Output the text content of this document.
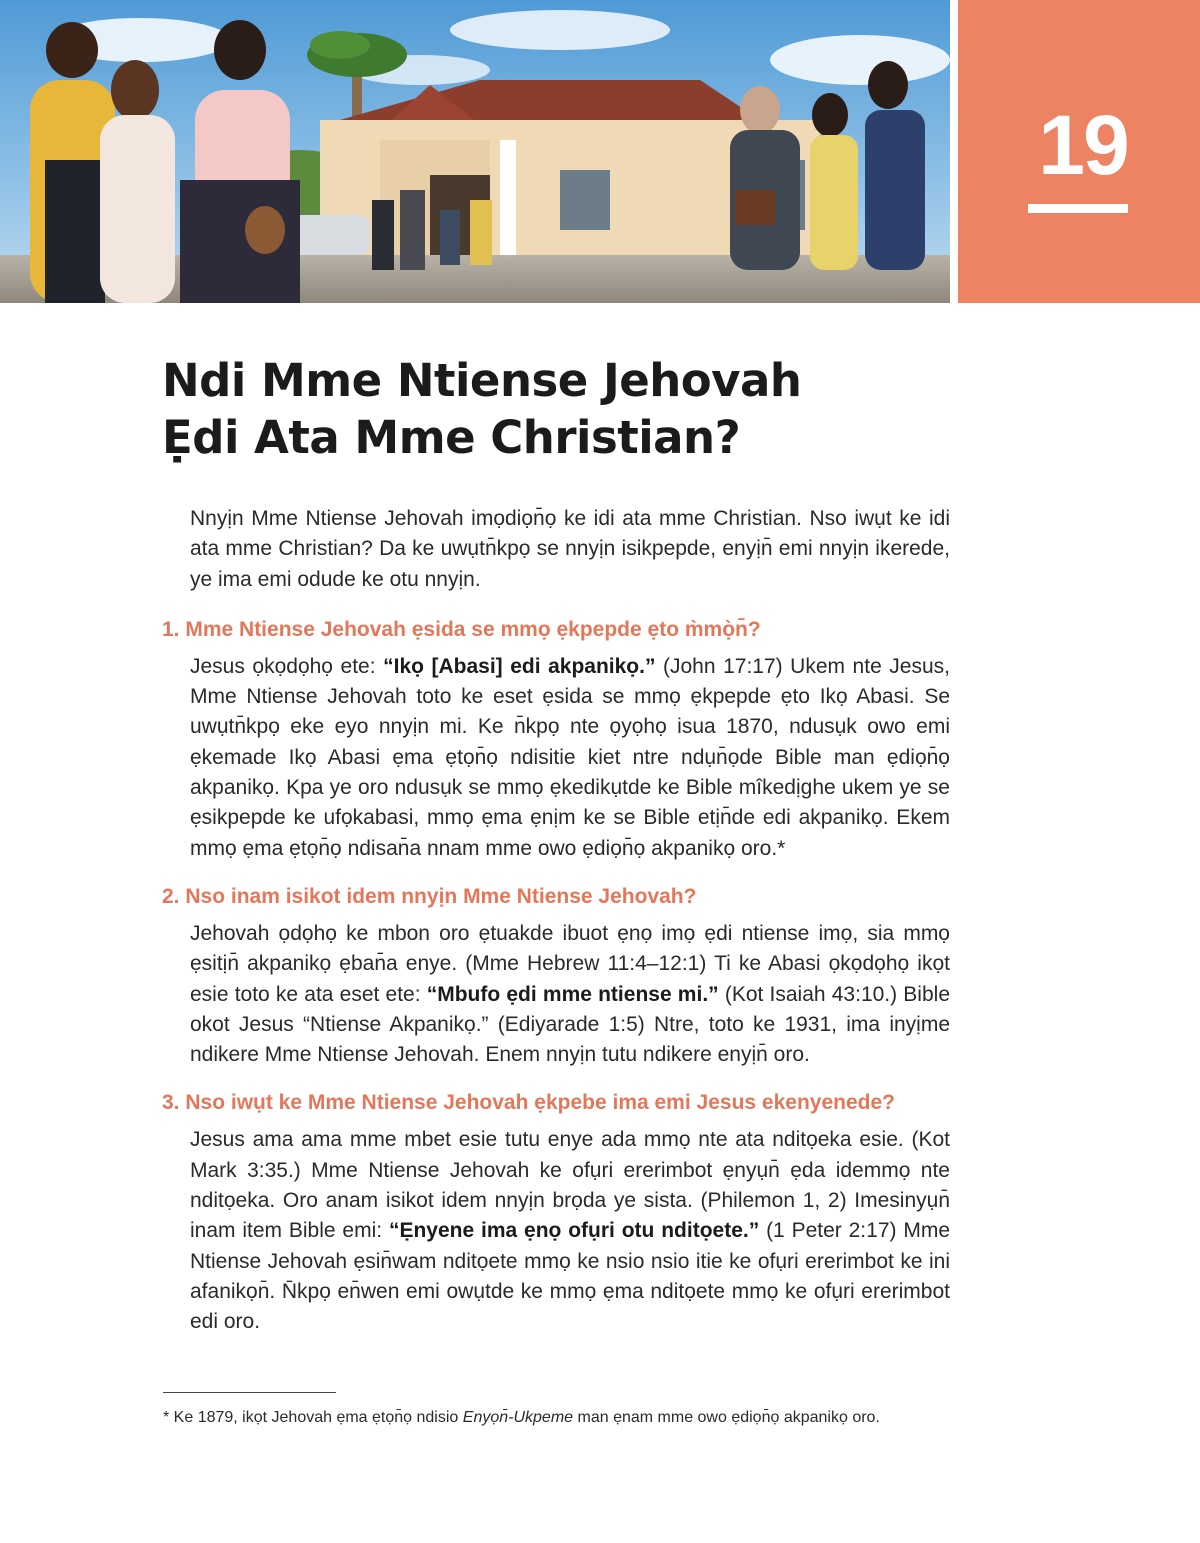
19
Ndi Mme Ntiense Jehovah
Ẹdi Ata Mme Christian?

Nnyịn Mme Ntiense Jehovah imọdiọn̄ọ ke idi ata mme Christian. Nso iwụt ke idi ata mme Christian? Da ke uwụtn̄kpọ se nnyịn isikpepde, enyịn̄ emi nnyịn ikerede, ye ima emi odude ke otu nnyịn.

1. Mme Ntiense Jehovah ẹsida se mmọ ẹkpepde ẹto m̀mọ̀n̄?

Jesus ọkọdọhọ ete: “Ikọ [Abasi] edi akpanikọ.” (John 17:17) Ukem nte Jesus, Mme Ntiense Jehovah toto ke eset ẹsida se mmọ ẹkpepde ẹto Ikọ Abasi. Se uwụtn̄kpọ eke eyo nnyịn mi. Ke n̄kpọ nte ọyọhọ isua 1870, ndusụk owo emi ẹkemade Ikọ Abasi ẹma ẹtọn̄ọ ndisitie kiet ntre ndụn̄ọde Bible man ẹdiọn̄ọ akpanikọ. Kpa ye oro ndusụk se mmọ ẹkedikụtde ke Bible mîkedịghe ukem ye se ẹsikpepde ke ufọkabasi, mmọ ẹma ẹnịm ke se Bible etịn̄de edi akpanikọ. Ekem mmọ ẹma ẹtọn̄ọ ndisan̄a nnam mme owo ẹdiọn̄ọ akpanikọ oro.*

2. Nso inam isikot idem nnyịn Mme Ntiense Jehovah?

Jehovah ọdọhọ ke mbon oro ẹtuakde ibuot ẹnọ imọ ẹdi ntiense imọ, sia mmọ ẹsitịn̄ akpanikọ ẹban̄a enye. (Mme Hebrew 11:4–12:1) Ti ke Abasi ọkọdọhọ ikọt esie toto ke ata eset ete: “Mbufo ẹdi mme ntiense mi.” (Kot Isaiah 43:10.) Bible okot Jesus “Ntiense Akpanikọ.” (Ediyarade 1:5) Ntre, toto ke 1931, ima inyịme ndikere Mme Ntiense Jehovah. Enem nnyịn tutu ndikere enyịn̄ oro.

3. Nso iwụt ke Mme Ntiense Jehovah ẹkpebe ima emi Jesus ekenyenede?

Jesus ama ama mme mbet esie tutu enye ada mmọ nte ata nditọeka esie. (Kot Mark 3:35.) Mme Ntiense Jehovah ke ofụri ererimbot ẹnyụn̄ ẹda idemmọ nte nditọeka. Oro anam isikot idem nnyịn brọda ye sista. (Philemon 1, 2) Imesinyụn̄ inam item Bible emi: “Ẹnyene ima ẹnọ ofụri otu nditọete.” (1 Peter 2:17) Mme Ntiense Jehovah ẹsin̄wam nditọete mmọ ke nsio nsio itie ke ofụri ererimbot ke ini afanikọn̄. N̄kpọ en̄wen emi owụtde ke mmọ ẹma nditọete mmọ ke ofụri ererimbot edi oro.

* Ke 1879, ikọt Jehovah ẹma ẹtọn̄ọ ndisio Enyọn̄-Ukpeme man ẹnam mme owo ẹdiọn̄ọ akpanikọ oro.
